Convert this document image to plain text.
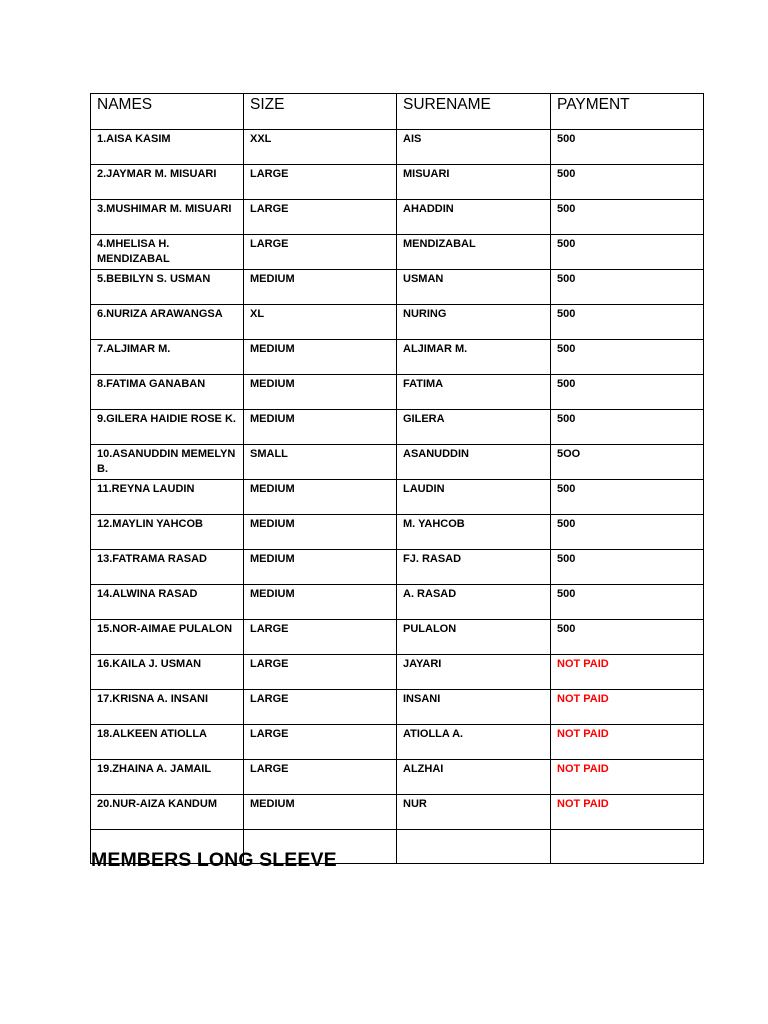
NAMES	SIZE	SURENAME	PAYMENT
1.AISA KASIM	XXL	AIS	500
2.JAYMAR M. MISUARI	LARGE	MISUARI	500
3.MUSHIMAR M. MISUARI	LARGE	AHADDIN	500
4.MHELISA H. MENDIZABAL	LARGE	MENDIZABAL	500
5.BEBILYN S. USMAN	MEDIUM	USMAN	500
6.NURIZA ARAWANGSA	XL	NURING	500
7.ALJIMAR M.	MEDIUM	ALJIMAR M.	500
8.FATIMA GANABAN	MEDIUM	FATIMA	500
9.GILERA HAIDIE ROSE K.	MEDIUM	GILERA	500
10.ASANUDDIN MEMELYN B.	SMALL	ASANUDDIN	5OO
11.REYNA LAUDIN	MEDIUM	LAUDIN	500
12.MAYLIN YAHCOB	MEDIUM	M. YAHCOB	500
13.FATRAMA RASAD	MEDIUM	FJ. RASAD	500
14.ALWINA RASAD	MEDIUM	A. RASAD	500
15.NOR-AIMAE PULALON	LARGE	PULALON	500
16.KAILA J. USMAN	LARGE	JAYARI	NOT PAID
17.KRISNA A. INSANI	LARGE	INSANI	NOT PAID
18.ALKEEN ATIOLLA	LARGE	ATIOLLA A.	NOT PAID
19.ZHAINA A. JAMAIL	LARGE	ALZHAI	NOT PAID
20.NUR-AIZA KANDUM	MEDIUM	NUR	NOT PAID

MEMBERS LONG SLEEVE
